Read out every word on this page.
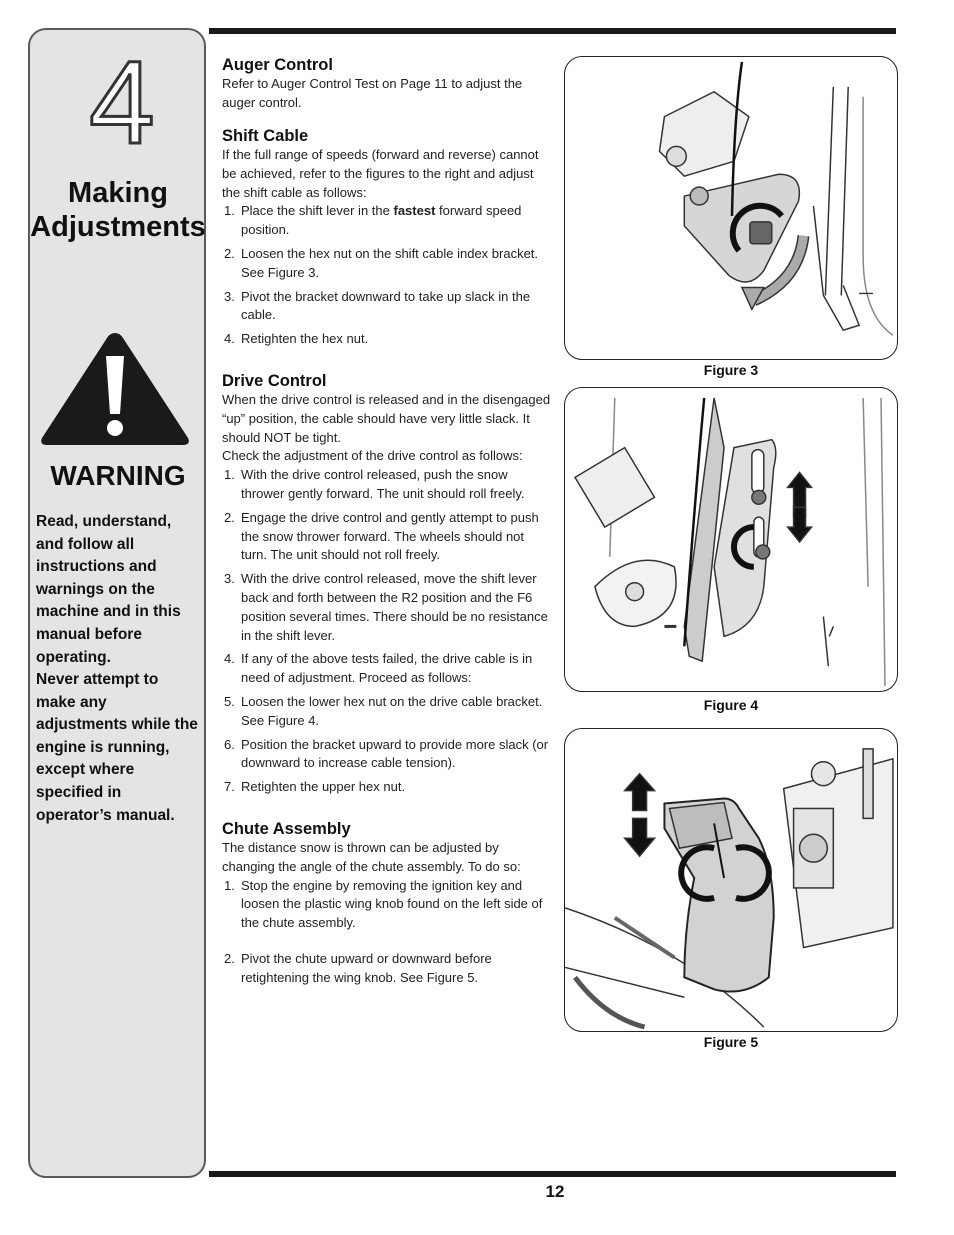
4
Making
Adjustments
WARNING

Read, understand, and follow all instructions and warnings on the machine and in this manual before operating.

Never attempt to make any adjustments while the engine is running, except where specified in operator’s manual.

Auger Control

Refer to Auger Control Test on Page 11 to adjust the auger control.

Shift Cable

If the full range of speeds (forward and reverse) cannot be achieved, refer to the figures to the right and adjust the shift cable as follows:

1. Place the shift lever in the fastest forward speed position.
2. Loosen the hex nut on the shift cable index bracket. See Figure 3.
3. Pivot the bracket downward to take up slack in the cable.
4. Retighten the hex nut.
Drive Control

When the drive control is released and in the disengaged “up” position, the cable should have very little slack. It should NOT be tight.

Check the adjustment of the drive control as follows:

1. With the drive control released, push the snow thrower gently forward. The unit should roll freely.
2. Engage the drive control and gently attempt to push the snow thrower forward. The wheels should not turn. The unit should not roll freely.
3. With the drive control released, move the shift lever back and forth between the R2 position and the F6 position several times. There should be no resistance in the shift lever.
4. If any of the above tests failed, the drive cable is in need of adjustment. Proceed as follows:
5. Loosen the lower hex nut on the drive cable bracket. See Figure 4.
6. Position the bracket upward to provide more slack (or downward to increase cable tension).
7. Retighten the upper hex nut.
Chute Assembly

The distance snow is thrown can be adjusted by changing the angle of the chute assembly. To do so:

1. Stop the engine by removing the ignition key and loosen the plastic wing knob found on the left side of the chute assembly.
2. Pivot the chute upward or downward before retightening the wing knob. See Figure 5.
Figure 3
Figure 4
Figure 5
12
